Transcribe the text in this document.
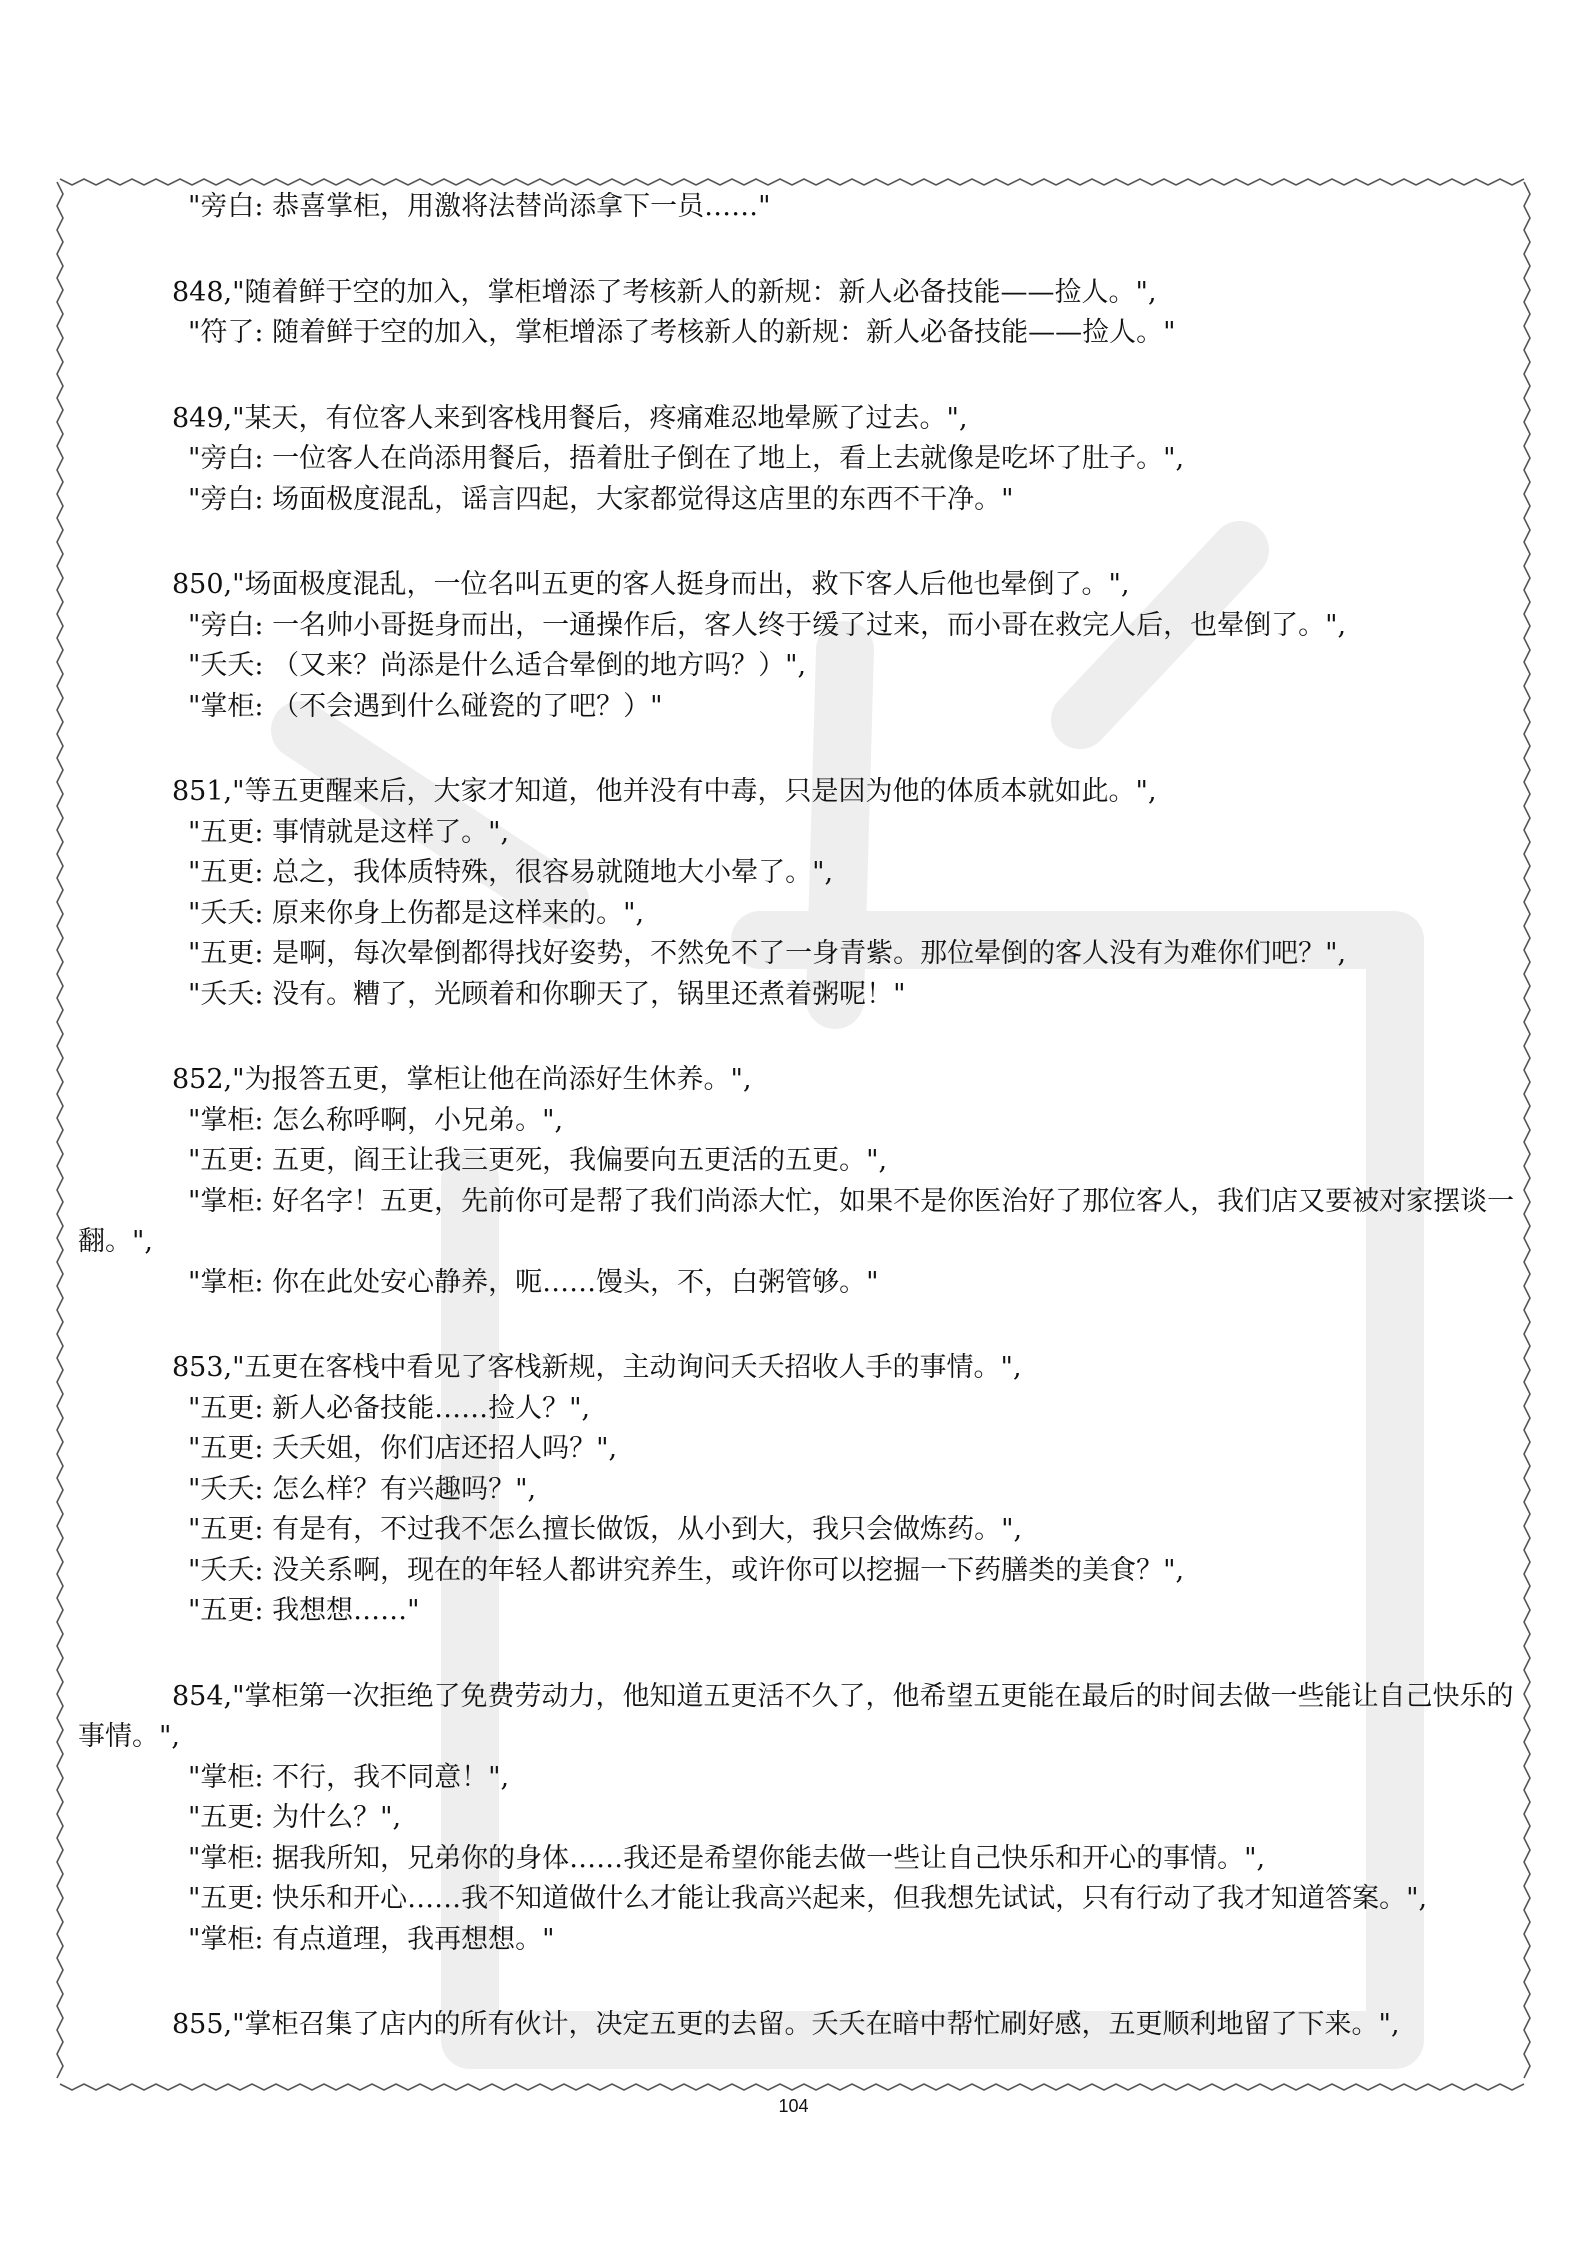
"旁白: 恭喜掌柜，用激将法替尚添拿下一员……"

848,"随着鲜于空的加入，掌柜增添了考核新人的新规：新人必备技能——捡人。",

"符了: 随着鲜于空的加入，掌柜增添了考核新人的新规：新人必备技能——捡人。"

849,"某天，有位客人来到客栈用餐后，疼痛难忍地晕厥了过去。",

"旁白: 一位客人在尚添用餐后，捂着肚子倒在了地上，看上去就像是吃坏了肚子。",

"旁白: 场面极度混乱，谣言四起，大家都觉得这店里的东西不干净。"

850,"场面极度混乱，一位名叫五更的客人挺身而出，救下客人后他也晕倒了。",

"旁白: 一名帅小哥挺身而出，一通操作后，客人终于缓了过来，而小哥在救完人后，也晕倒了。",

"夭夭: （又来？尚添是什么适合晕倒的地方吗？）",

"掌柜: （不会遇到什么碰瓷的了吧？）"

851,"等五更醒来后，大家才知道，他并没有中毒，只是因为他的体质本就如此。",

"五更: 事情就是这样了。",

"五更: 总之，我体质特殊，很容易就随地大小晕了。",

"夭夭: 原来你身上伤都是这样来的。",

"五更: 是啊，每次晕倒都得找好姿势，不然免不了一身青紫。那位晕倒的客人没有为难你们吧？",

"夭夭: 没有。糟了，光顾着和你聊天了，锅里还煮着粥呢！"

852,"为报答五更，掌柜让他在尚添好生休养。",

"掌柜: 怎么称呼啊，小兄弟。",

"五更: 五更，阎王让我三更死，我偏要向五更活的五更。",

"掌柜: 好名字！五更，先前你可是帮了我们尚添大忙，如果不是你医治好了那位客人，我们店又要被对家摆谈一翻。",

"掌柜: 你在此处安心静养，呃……馒头，不，白粥管够。"

853,"五更在客栈中看见了客栈新规，主动询问夭夭招收人手的事情。",

"五更: 新人必备技能……捡人？",

"五更: 夭夭姐，你们店还招人吗？",

"夭夭: 怎么样？有兴趣吗？",

"五更: 有是有，不过我不怎么擅长做饭，从小到大，我只会做炼药。",

"夭夭: 没关系啊，现在的年轻人都讲究养生，或许你可以挖掘一下药膳类的美食？",

"五更: 我想想……"

854,"掌柜第一次拒绝了免费劳动力，他知道五更活不久了，他希望五更能在最后的时间去做一些能让自己快乐的事情。",

"掌柜: 不行，我不同意！",

"五更: 为什么？",

"掌柜: 据我所知，兄弟你的身体……我还是希望你能去做一些让自己快乐和开心的事情。",

"五更: 快乐和开心……我不知道做什么才能让我高兴起来，但我想先试试，只有行动了我才知道答案。",

"掌柜: 有点道理，我再想想。"

855,"掌柜召集了店内的所有伙计，决定五更的去留。夭夭在暗中帮忙刷好感，五更顺利地留了下来。",

104
